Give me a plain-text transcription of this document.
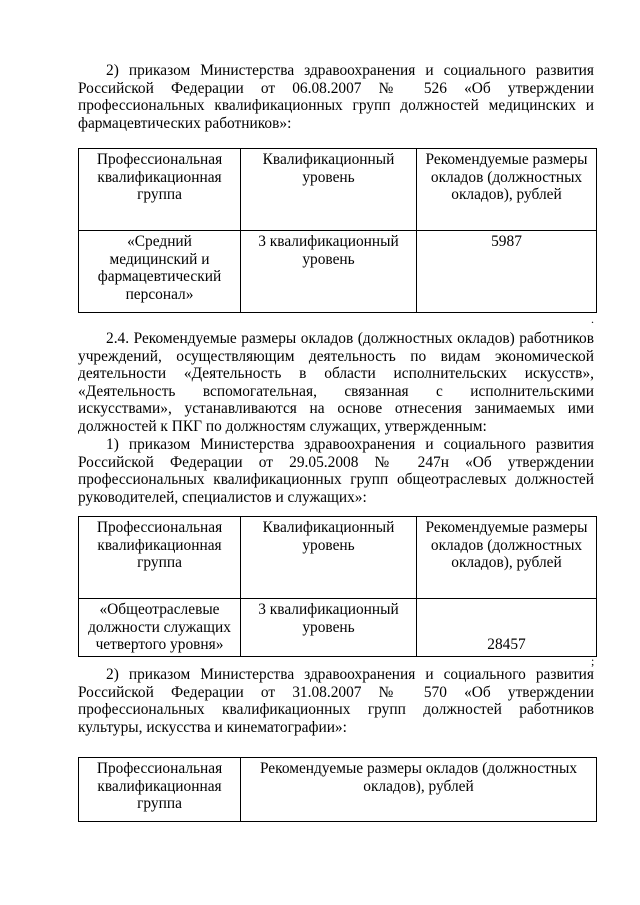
2) приказом Министерства здравоохранения и социального развития Российской Федерации от 06.08.2007 № 526 «Об утверждении профессиональных квалификационных групп должностей медицинских и фармацевтических работников»:

Профессиональная квалификационная группа	Квалификационный уровень	Рекомендуемые размеры окладов (должностных окладов), рублей
«Средний медицинский и фармацевтический персонал»	3 квалификационный уровень	5987
.

2.4. Рекомендуемые размеры окладов (должностных окладов) работников учреждений, осуществляющим деятельность по видам экономической деятельности «Деятельность в области исполнительских искусств», «Деятельность вспомогательная, связанная с исполнительскими искусствами», устанавливаются на основе отнесения занимаемых ими должностей к ПКГ по должностям служащих, утвержденным:

1) приказом Министерства здравоохранения и социального развития Российской Федерации от 29.05.2008 № 247н «Об утверждении профессиональных квалификационных групп общеотраслевых должностей руководителей, специалистов и служащих»:

Профессиональная квалификационная группа	Квалификационный уровень	Рекомендуемые размеры окладов (должностных окладов), рублей
«Общеотраслевые должности служащих четвертого уровня»	3 квалификационный уровень	28457
;

2) приказом Министерства здравоохранения и социального развития Российской Федерации от 31.08.2007 № 570 «Об утверждении профессиональных квалификационных групп должностей работников культуры, искусства и кинематографии»:

Профессиональная квалификационная группа	Рекомендуемые размеры окладов (должностных окладов), рублей
